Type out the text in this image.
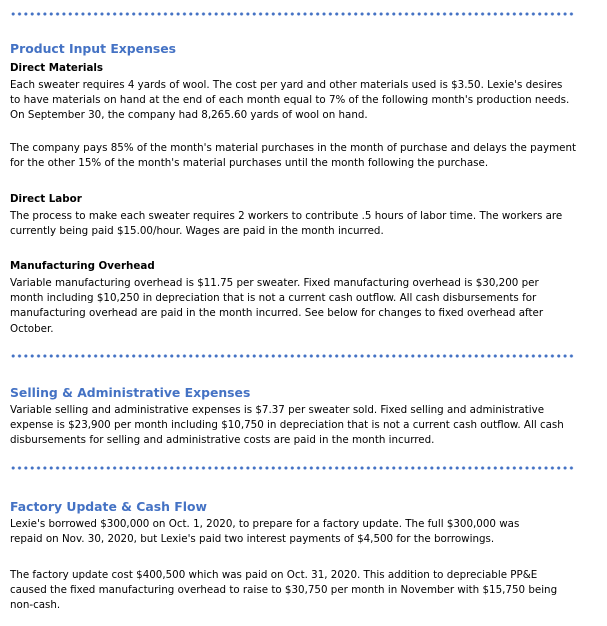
Product Input Expenses
Direct Materials

Each sweater requires 4 yards of wool. The cost per yard and other materials used is $3.50. Lexie's desires
to have materials on hand at the end of each month equal to 7% of the following month's production needs.
On September 30, the company had 8,265.60 yards of wool on hand.

The company pays 85% of the month's material purchases in the month of purchase and delays the payment
for the other 15% of the month's material purchases until the month following the purchase.

Direct Labor

The process to make each sweater requires 2 workers to contribute .5 hours of labor time. The workers are
currently being paid $15.00/hour. Wages are paid in the month incurred.

Manufacturing Overhead

Variable manufacturing overhead is $11.75 per sweater. Fixed manufacturing overhead is $30,200 per
month including $10,250 in depreciation that is not a current cash outflow. All cash disbursements for
manufacturing overhead are paid in the month incurred. See below for changes to fixed overhead after
October.

Selling & Administrative Expenses

Variable selling and administrative expenses is $7.37 per sweater sold. Fixed selling and administrative
expense is $23,900 per month including $10,750 in depreciation that is not a current cash outflow. All cash
disbursements for selling and administrative costs are paid in the month incurred.

Factory Update & Cash Flow

Lexie's borrowed $300,000 on Oct. 1, 2020, to prepare for a factory update. The full $300,000 was
repaid on Nov. 30, 2020, but Lexie's paid two interest payments of $4,500 for the borrowings.

The factory update cost $400,500 which was paid on Oct. 31, 2020. This addition to depreciable PP&E
caused the fixed manufacturing overhead to raise to $30,750 per month in November with $15,750 being
non-cash.
